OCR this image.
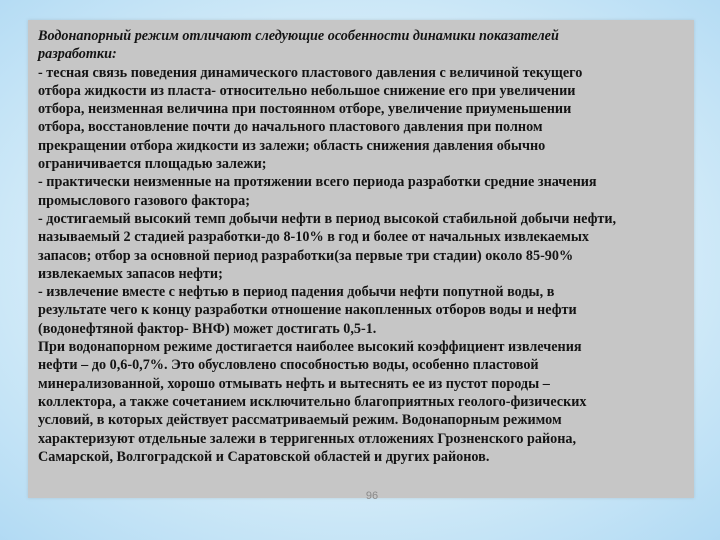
Водонапорный режим отличают следующие особенности динамики показателей
разработки:
- тесная связь поведения динамического пластового давления с величиной текущего
отбора жидкости из пласта- относительно небольшое снижение его при увеличении
отбора, неизменная величина при постоянном отборе, увеличение приуменьшении
отбора, восстановление почти до начального пластового давления при полном
прекращении отбора жидкости из залежи; область снижения давления обычно
ограничивается площадью залежи;
- практически неизменные на протяжении всего периода разработки средние значения
промыслового газового фактора;
- достигаемый высокий темп добычи нефти в период высокой стабильной добычи нефти,
называемый 2 стадией разработки-до 8-10% в год и более от начальных извлекаемых
запасов; отбор за основной период разработки(за первые три стадии) около 85-90%
извлекаемых запасов нефти;
- извлечение вместе с нефтью в период падения добычи нефти попутной воды, в
результате чего к концу разработки отношение накопленных отборов воды и нефти
(водонефтяной фактор- ВНФ) может достигать 0,5-1.
При водонапорном режиме достигается наиболее высокий коэффициент извлечения
нефти – до 0,6-0,7%. Это обусловлено способностью воды, особенно пластовой
минерализованной, хорошо отмывать нефть и вытеснять ее из пустот породы –
коллектора, а также сочетанием исключительно благоприятных геолого-физических
условий, в которых действует рассматриваемый режим. Водонапорным режимом
характеризуют отдельные залежи в терригенных отложениях Грозненского района,
Самарской, Волгоградской и Саратовской областей и других районов.
96
